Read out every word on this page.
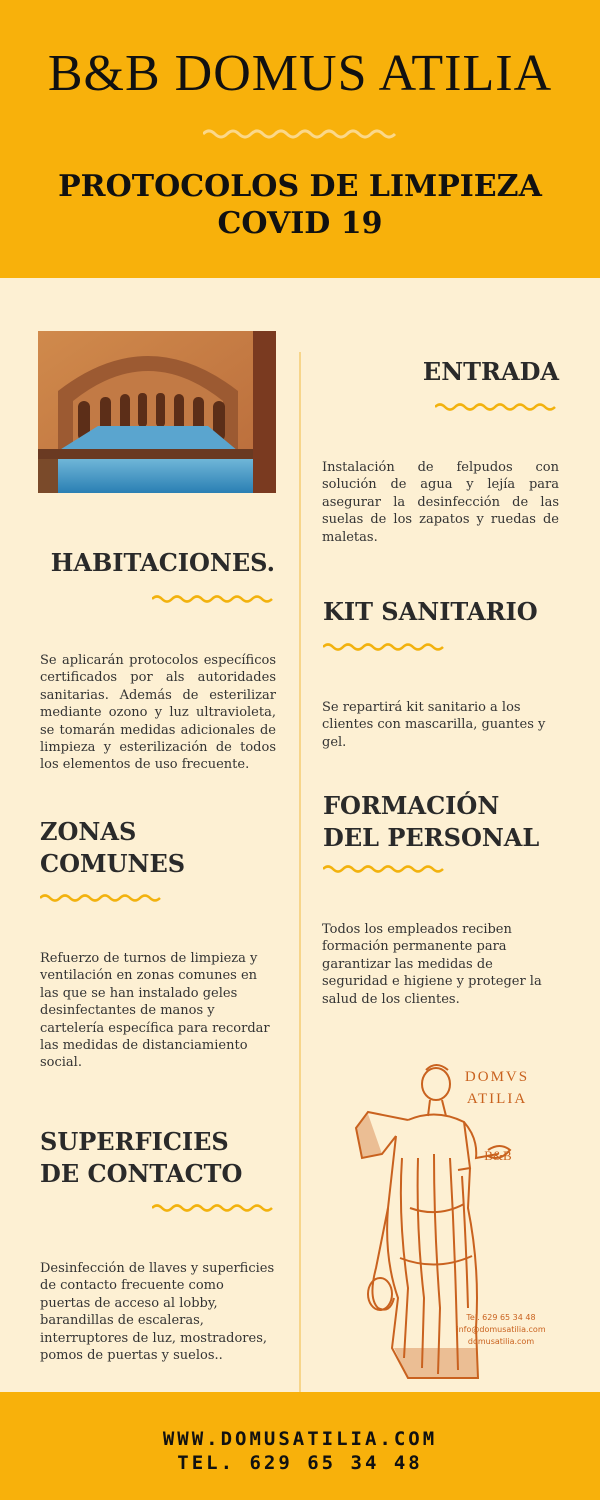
B&B DOMUS ATILIA
PROTOCOLOS DE LIMPIEZA
COVID 19
ENTRADA

Instalación de felpudos con solución de agua y lejía para asegurar la desinfección de las suelas de los zapatos y ruedas de maletas.

HABITACIONES.

Se aplicarán protocolos específicos certificados por als autoridades sanitarias. Además de esterilizar mediante ozono y luz ultravioleta, se tomarán medidas adicionales de limpieza y esterilización de todos los elementos de uso frecuente.

KIT SANITARIO

Se repartirá kit sanitario a los clientes con mascarilla, guantes y gel.

ZONAS
COMUNES

Refuerzo de turnos de limpieza y ventilación en zonas comunes en las que se han instalado geles desinfectantes de manos y cartelería específica para recordar las medidas de distanciamiento social.

FORMACIÓN
DEL PERSONAL

Todos los empleados reciben formación permanente para garantizar las medidas de seguridad e higiene y proteger la salud de los clientes.

SUPERFICIES
DE CONTACTO

Desinfección de llaves y superficies de contacto frecuente como puertas de acceso al lobby, barandillas de escaleras, interruptores de luz, mostradores, pomos de puertas y suelos..

DOMVS
ATILIA
B&B
Tel. 629 65 34 48
info@domusatilia.com
domusatilia.com
WWW.DOMUSATILIA.COM
TEL. 629 65 34 48
